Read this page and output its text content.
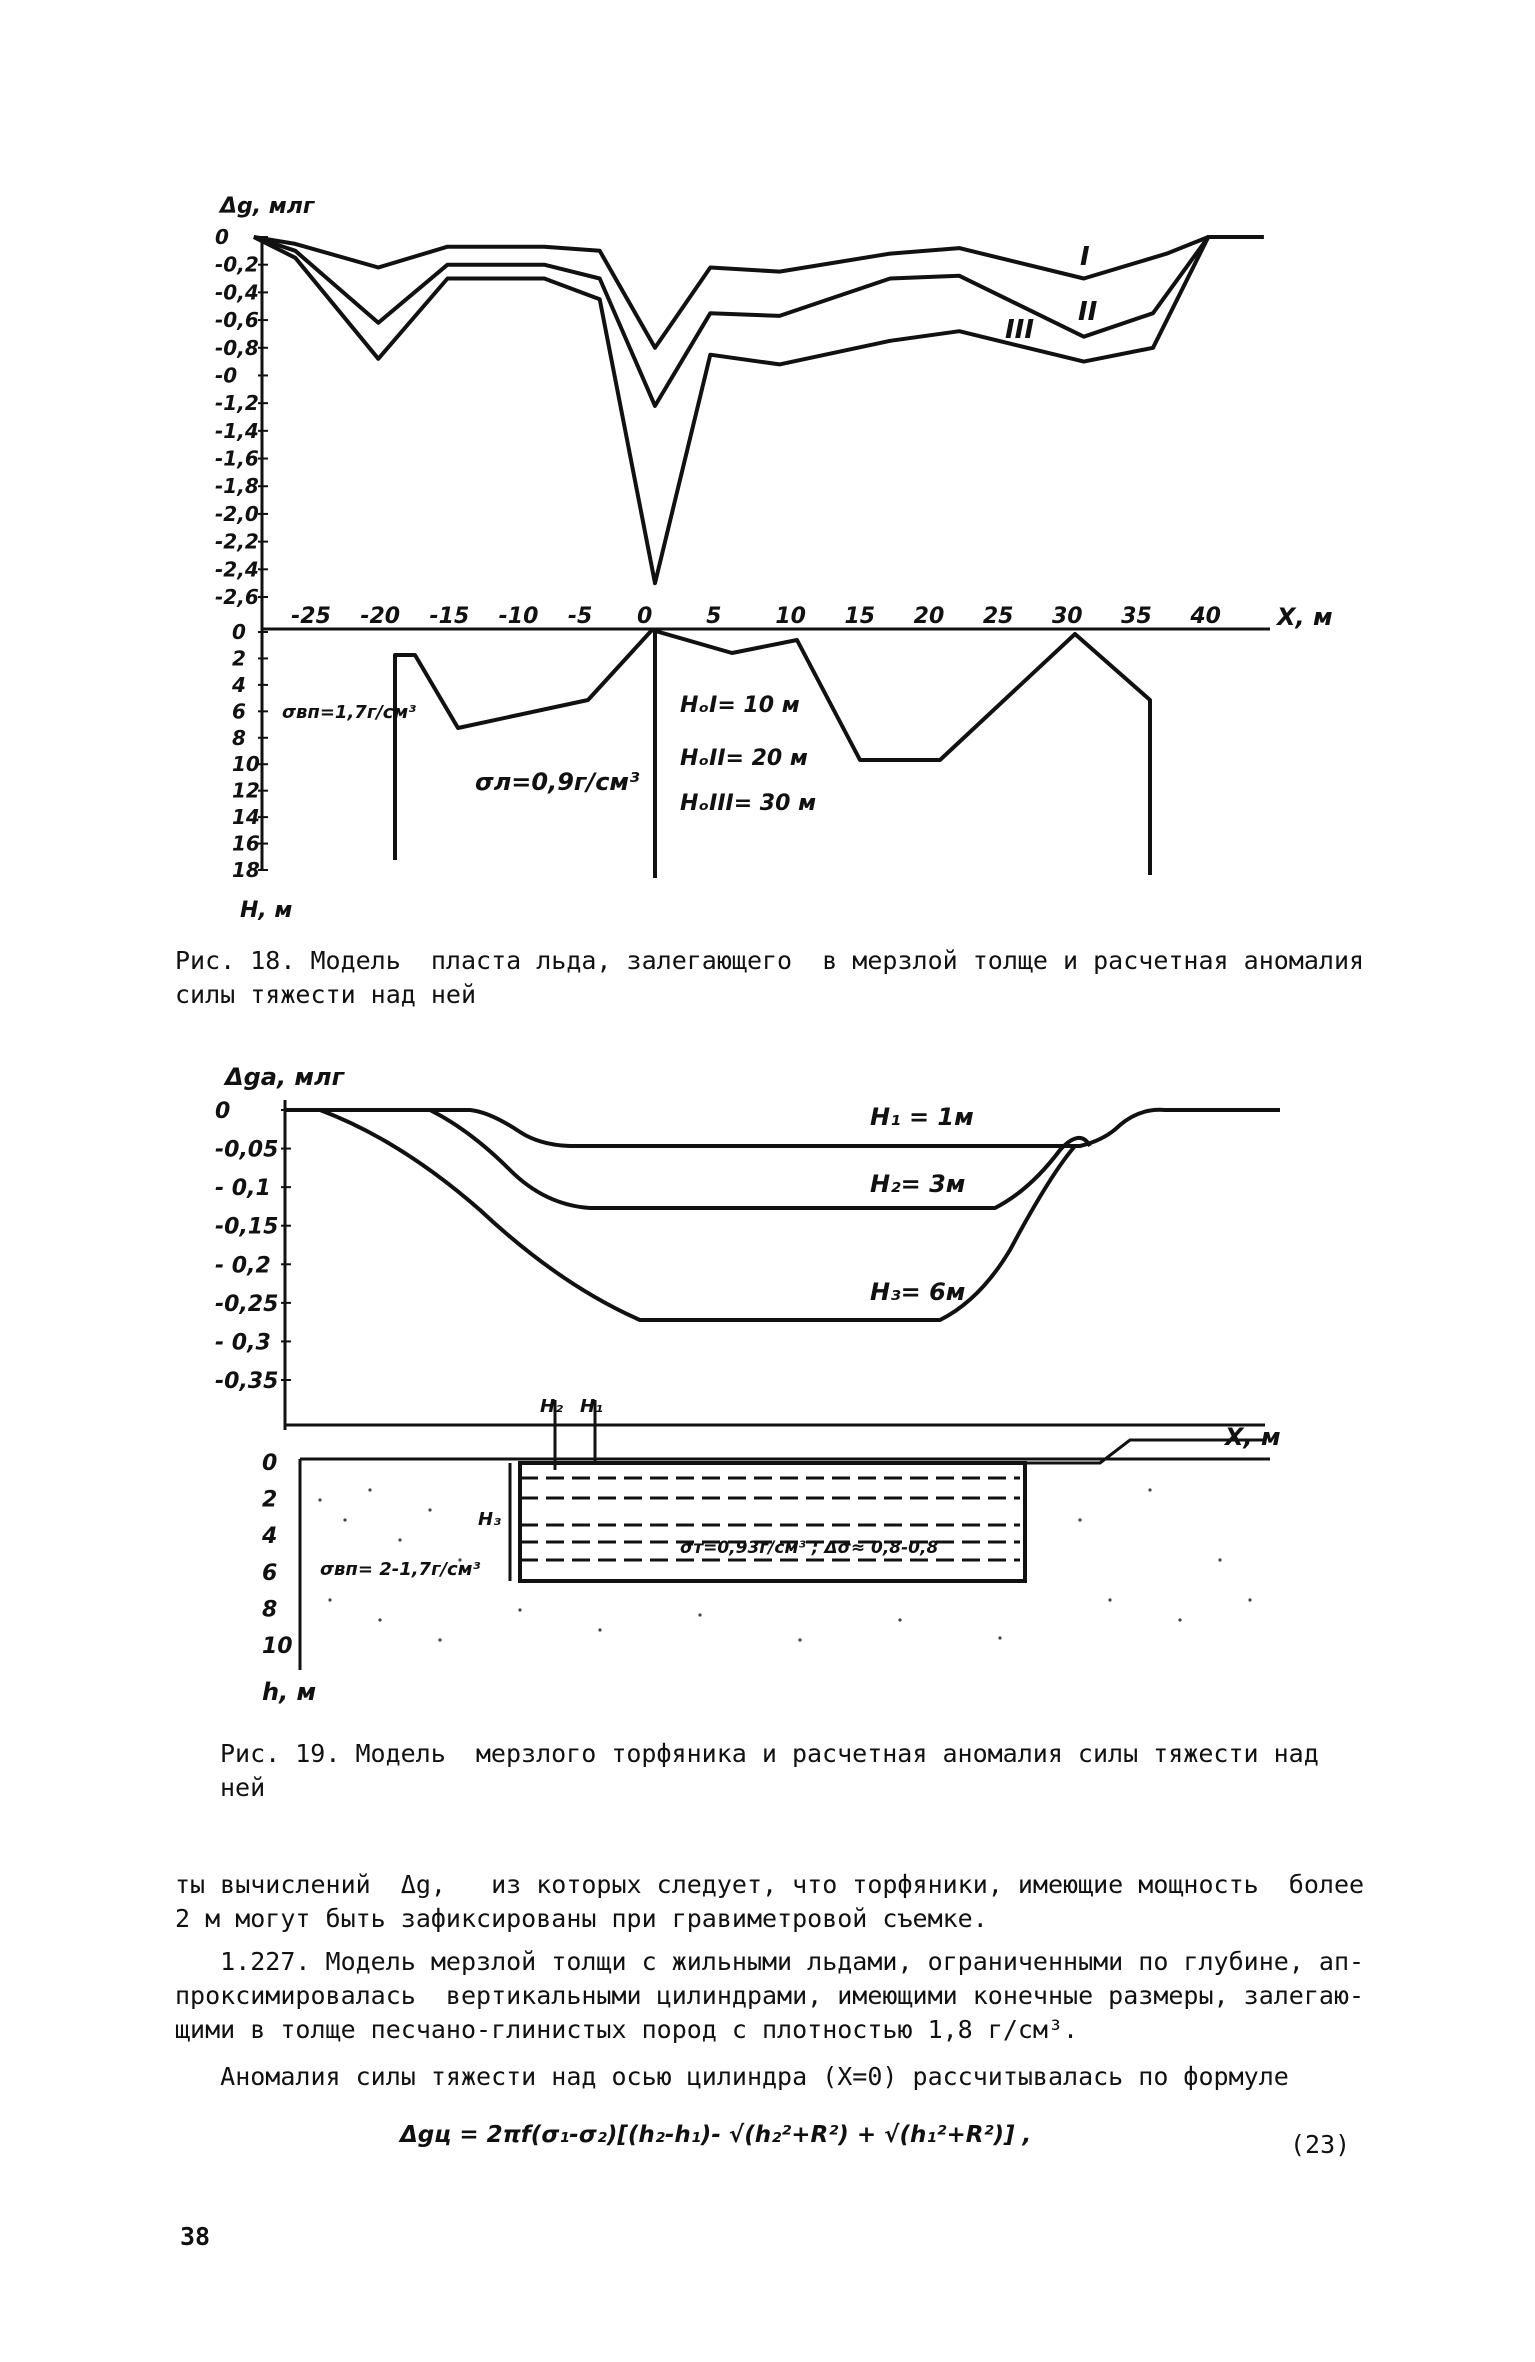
0
-0,2
-0,4
-0,6
-0,8
-0
-1,2
-1,4
-1,6
-1,8
-2,0
-2,2
-2,4
-2,6
-25 -20 -15 -10 -5 0 5 10 15 20 25 30 35 40
0
2
4
6
8
10
12
14
16
18
Δg, млг
X, м
H, м
I
II
III
σвп=1,7г/см³
σл=0,9г/см³
HₒI= 10 м
HₒII= 20 м
HₒIII= 30 м
Рис. 18. Модель  пласта льда, залегающего  в мерзлой толще и расчетная аномалия
силы тяжести над ней
0
-0,05
- 0,1
-0,15
- 0,2
-0,25
- 0,3
-0,35
0
2
4
6
8
10
Δga, млг
X, м
h, м
H₁ = 1м
H₂= 3м
H₃= 6м
σвп= 2-1,7г/см³
σт=0,93г/см³ ; Δσ≈ 0,8-0,8
H₂ H₁
H₃
Рис. 19. Модель  мерзлого торфяника и расчетная аномалия силы тяжести над
ней
ты вычислений  Δg,   из которых следует, что торфяники, имеющие мощность  более
2 м могут быть зафиксированы при гравиметровой съемке.
1.227. Модель мерзлой толщи с жильными льдами, ограниченными по глубине, ап-
проксимировалась  вертикальными цилиндрами, имеющими конечные размеры, залегаю-
щими в толще песчано-глинистых пород с плотностью 1,8 г/см³.
Аномалия силы тяжести над осью цилиндра (X=0) рассчитывалась по формуле
Δgц = 2πf(σ₁-σ₂)[(h₂-h₁)- √(h₂²+R²) + √(h₁²+R²)] ,	(23)
38
